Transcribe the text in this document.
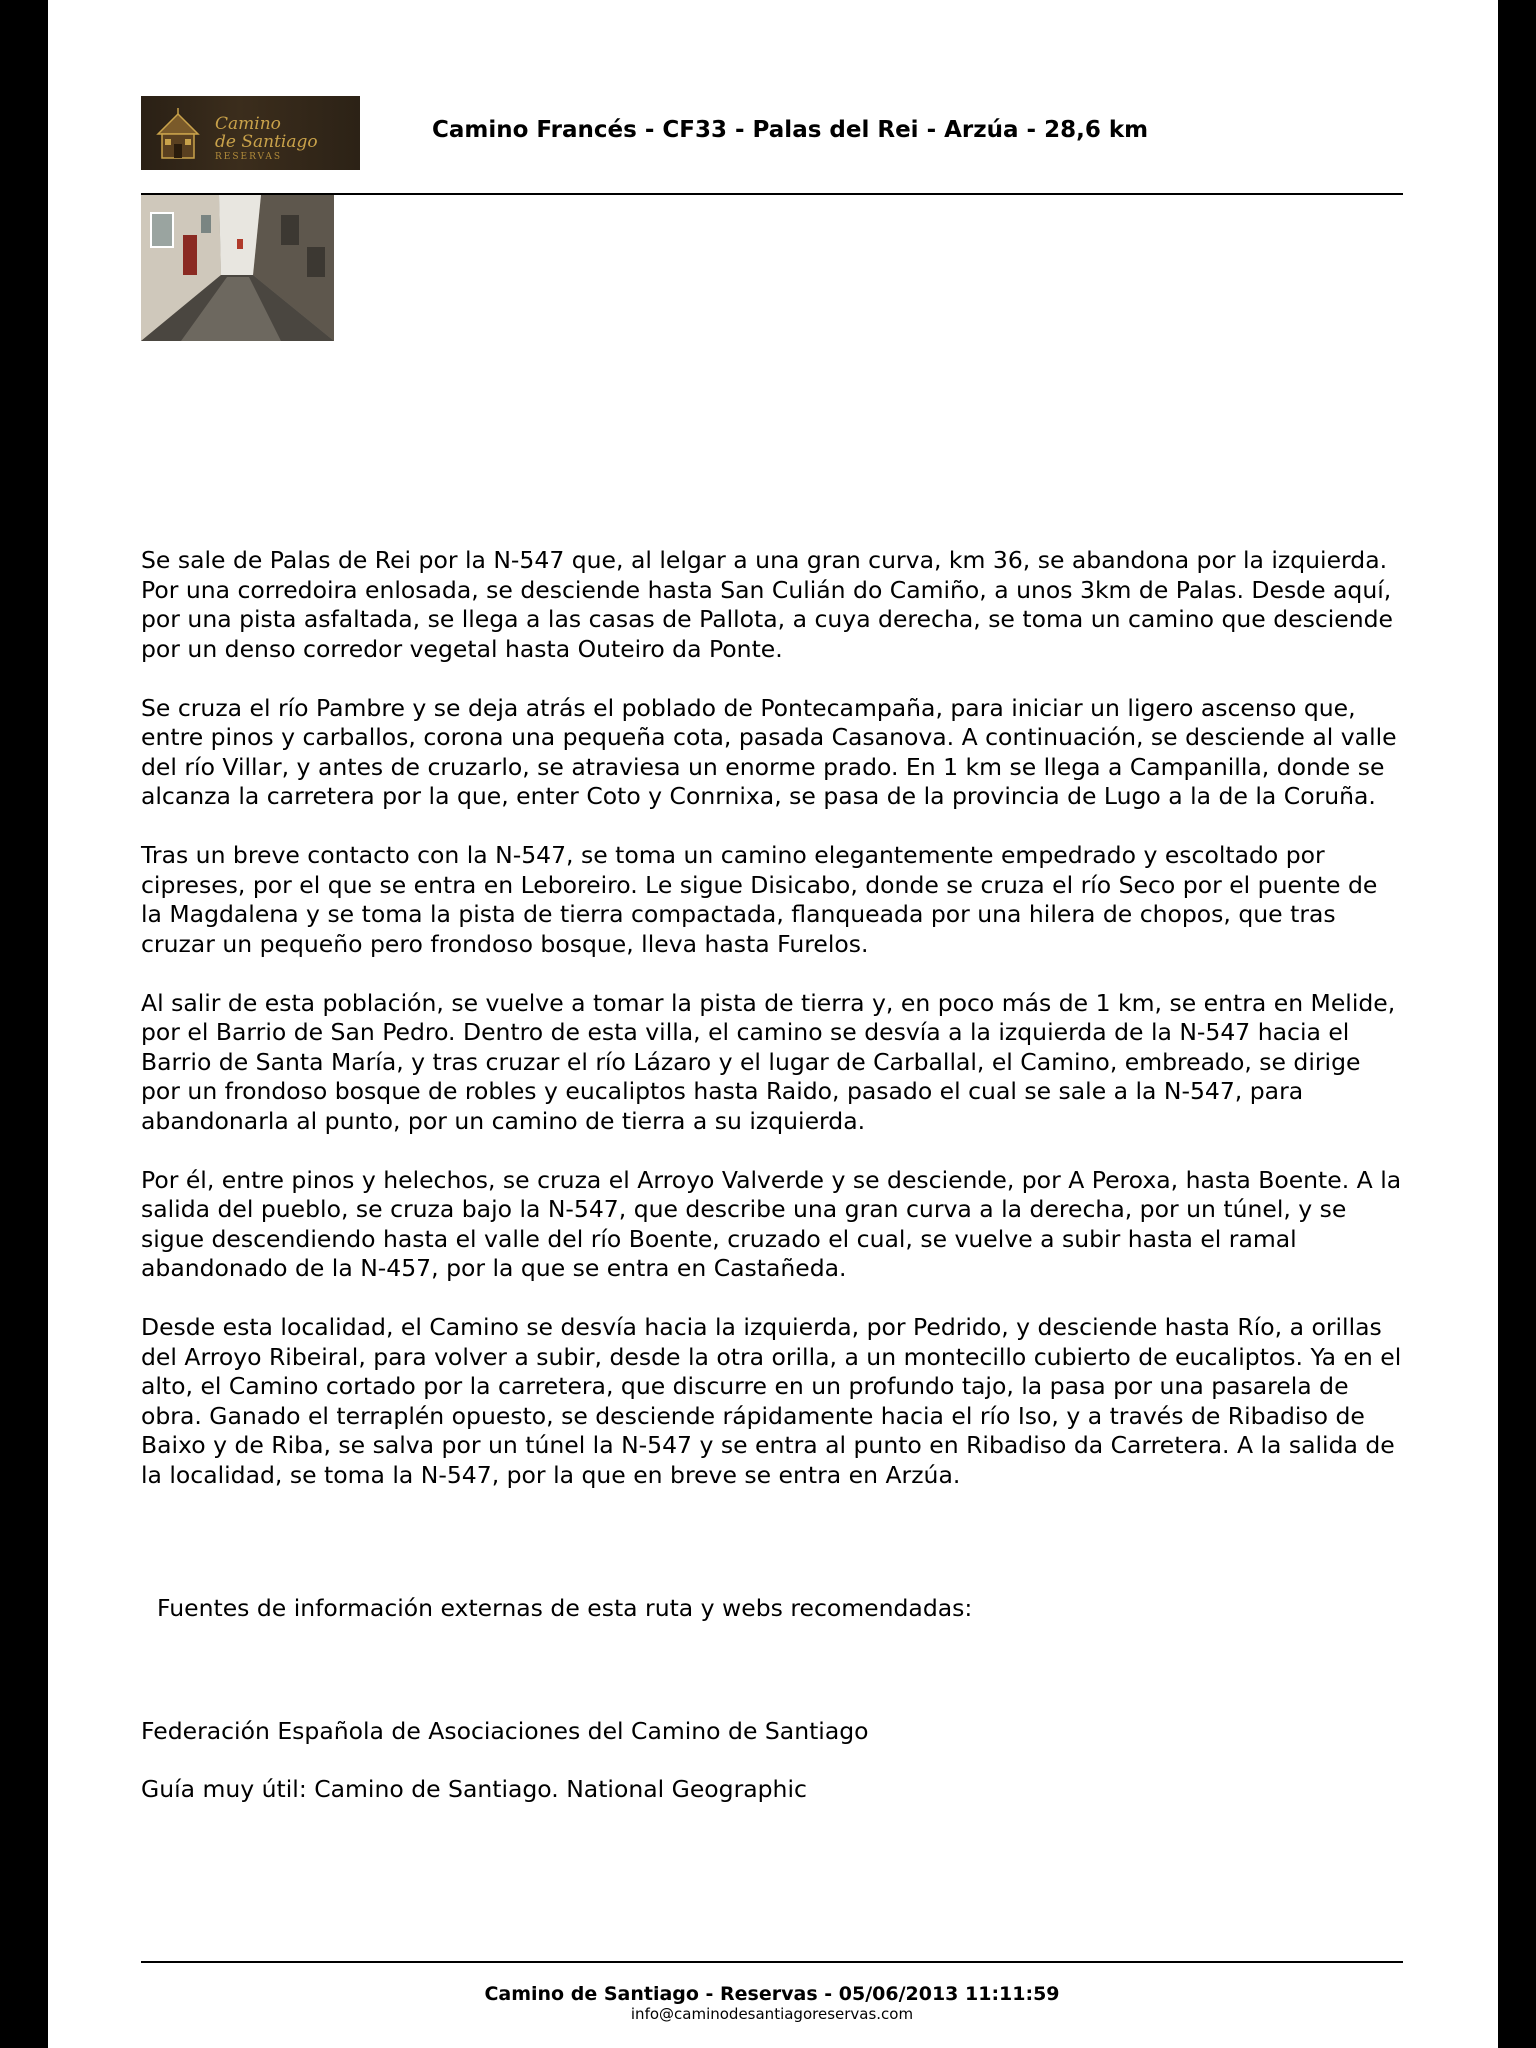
Camino
de Santiago
RESERVAS
Camino Francés - CF33 - Palas del Rei - Arzúa - 28,6 km

Se sale de Palas de Rei por la N-547 que, al lelgar a una gran curva, km 36, se abandona por la izquierda. Por una corredoira enlosada, se desciende hasta San Culián do Camiño, a unos 3km de Palas. Desde aquí, por una pista asfaltada, se llega a las casas de Pallota, a cuya derecha, se toma un camino que desciende por un denso corredor vegetal hasta Outeiro da Ponte.

Se cruza el río Pambre y se deja atrás el poblado de Pontecampaña, para iniciar un ligero ascenso que, entre pinos y carballos, corona una pequeña cota, pasada Casanova. A continuación, se desciende al valle del río Villar, y antes de cruzarlo, se atraviesa un enorme prado. En 1 km se llega a Campanilla, donde se alcanza la carretera por la que, enter Coto y Conrnixa, se pasa de la provincia de Lugo a la de la Coruña.

Tras un breve contacto con la N-547, se toma un camino elegantemente empedrado y escoltado por cipreses, por el que se entra en Leboreiro. Le sigue Disicabo, donde se cruza el río Seco por el puente de la Magdalena y se toma la pista de tierra compactada, flanqueada por una hilera de chopos, que tras cruzar un pequeño pero frondoso bosque, lleva hasta Furelos.

Al salir de esta población, se vuelve a tomar la pista de tierra y, en poco más de 1 km, se entra en Melide, por el Barrio de San Pedro. Dentro de esta villa, el camino se desvía a la izquierda de la N-547 hacia el Barrio de Santa María, y tras cruzar el río Lázaro y el lugar de Carballal, el Camino, embreado, se dirige por un frondoso bosque de robles y eucaliptos hasta Raido, pasado el cual se sale a la N-547, para abandonarla al punto, por un camino de tierra a su izquierda.

Por él, entre pinos y helechos, se cruza el Arroyo Valverde y se desciende, por A Peroxa, hasta Boente. A la salida del pueblo, se cruza bajo la N-547, que describe una gran curva a la derecha, por un túnel, y se sigue descendiendo hasta el valle del río Boente, cruzado el cual, se vuelve a subir hasta el ramal abandonado de la N-457, por la que se entra en Castañeda.

Desde esta localidad, el Camino se desvía hacia la izquierda, por Pedrido, y desciende hasta Río, a orillas del Arroyo Ribeiral, para volver a subir, desde la otra orilla, a un montecillo cubierto de eucaliptos. Ya en el alto, el Camino cortado por la carretera, que discurre en un profundo tajo, la pasa por una pasarela de obra. Ganado el terraplén opuesto, se desciende rápidamente hacia el río Iso, y a través de Ribadiso de Baixo y de Riba, se salva por un túnel la N-547 y se entra al punto en Ribadiso da Carretera. A la salida de la localidad, se toma la N-547, por la que en breve se entra en Arzúa.

Fuentes de información externas de esta ruta y webs recomendadas:
Federación Española de Asociaciones del Camino de Santiago
Guía muy útil: Camino de Santiago. National Geographic
Camino de Santiago - Reservas - 05/06/2013 11:11:59
info@caminodesantiagoreservas.com
